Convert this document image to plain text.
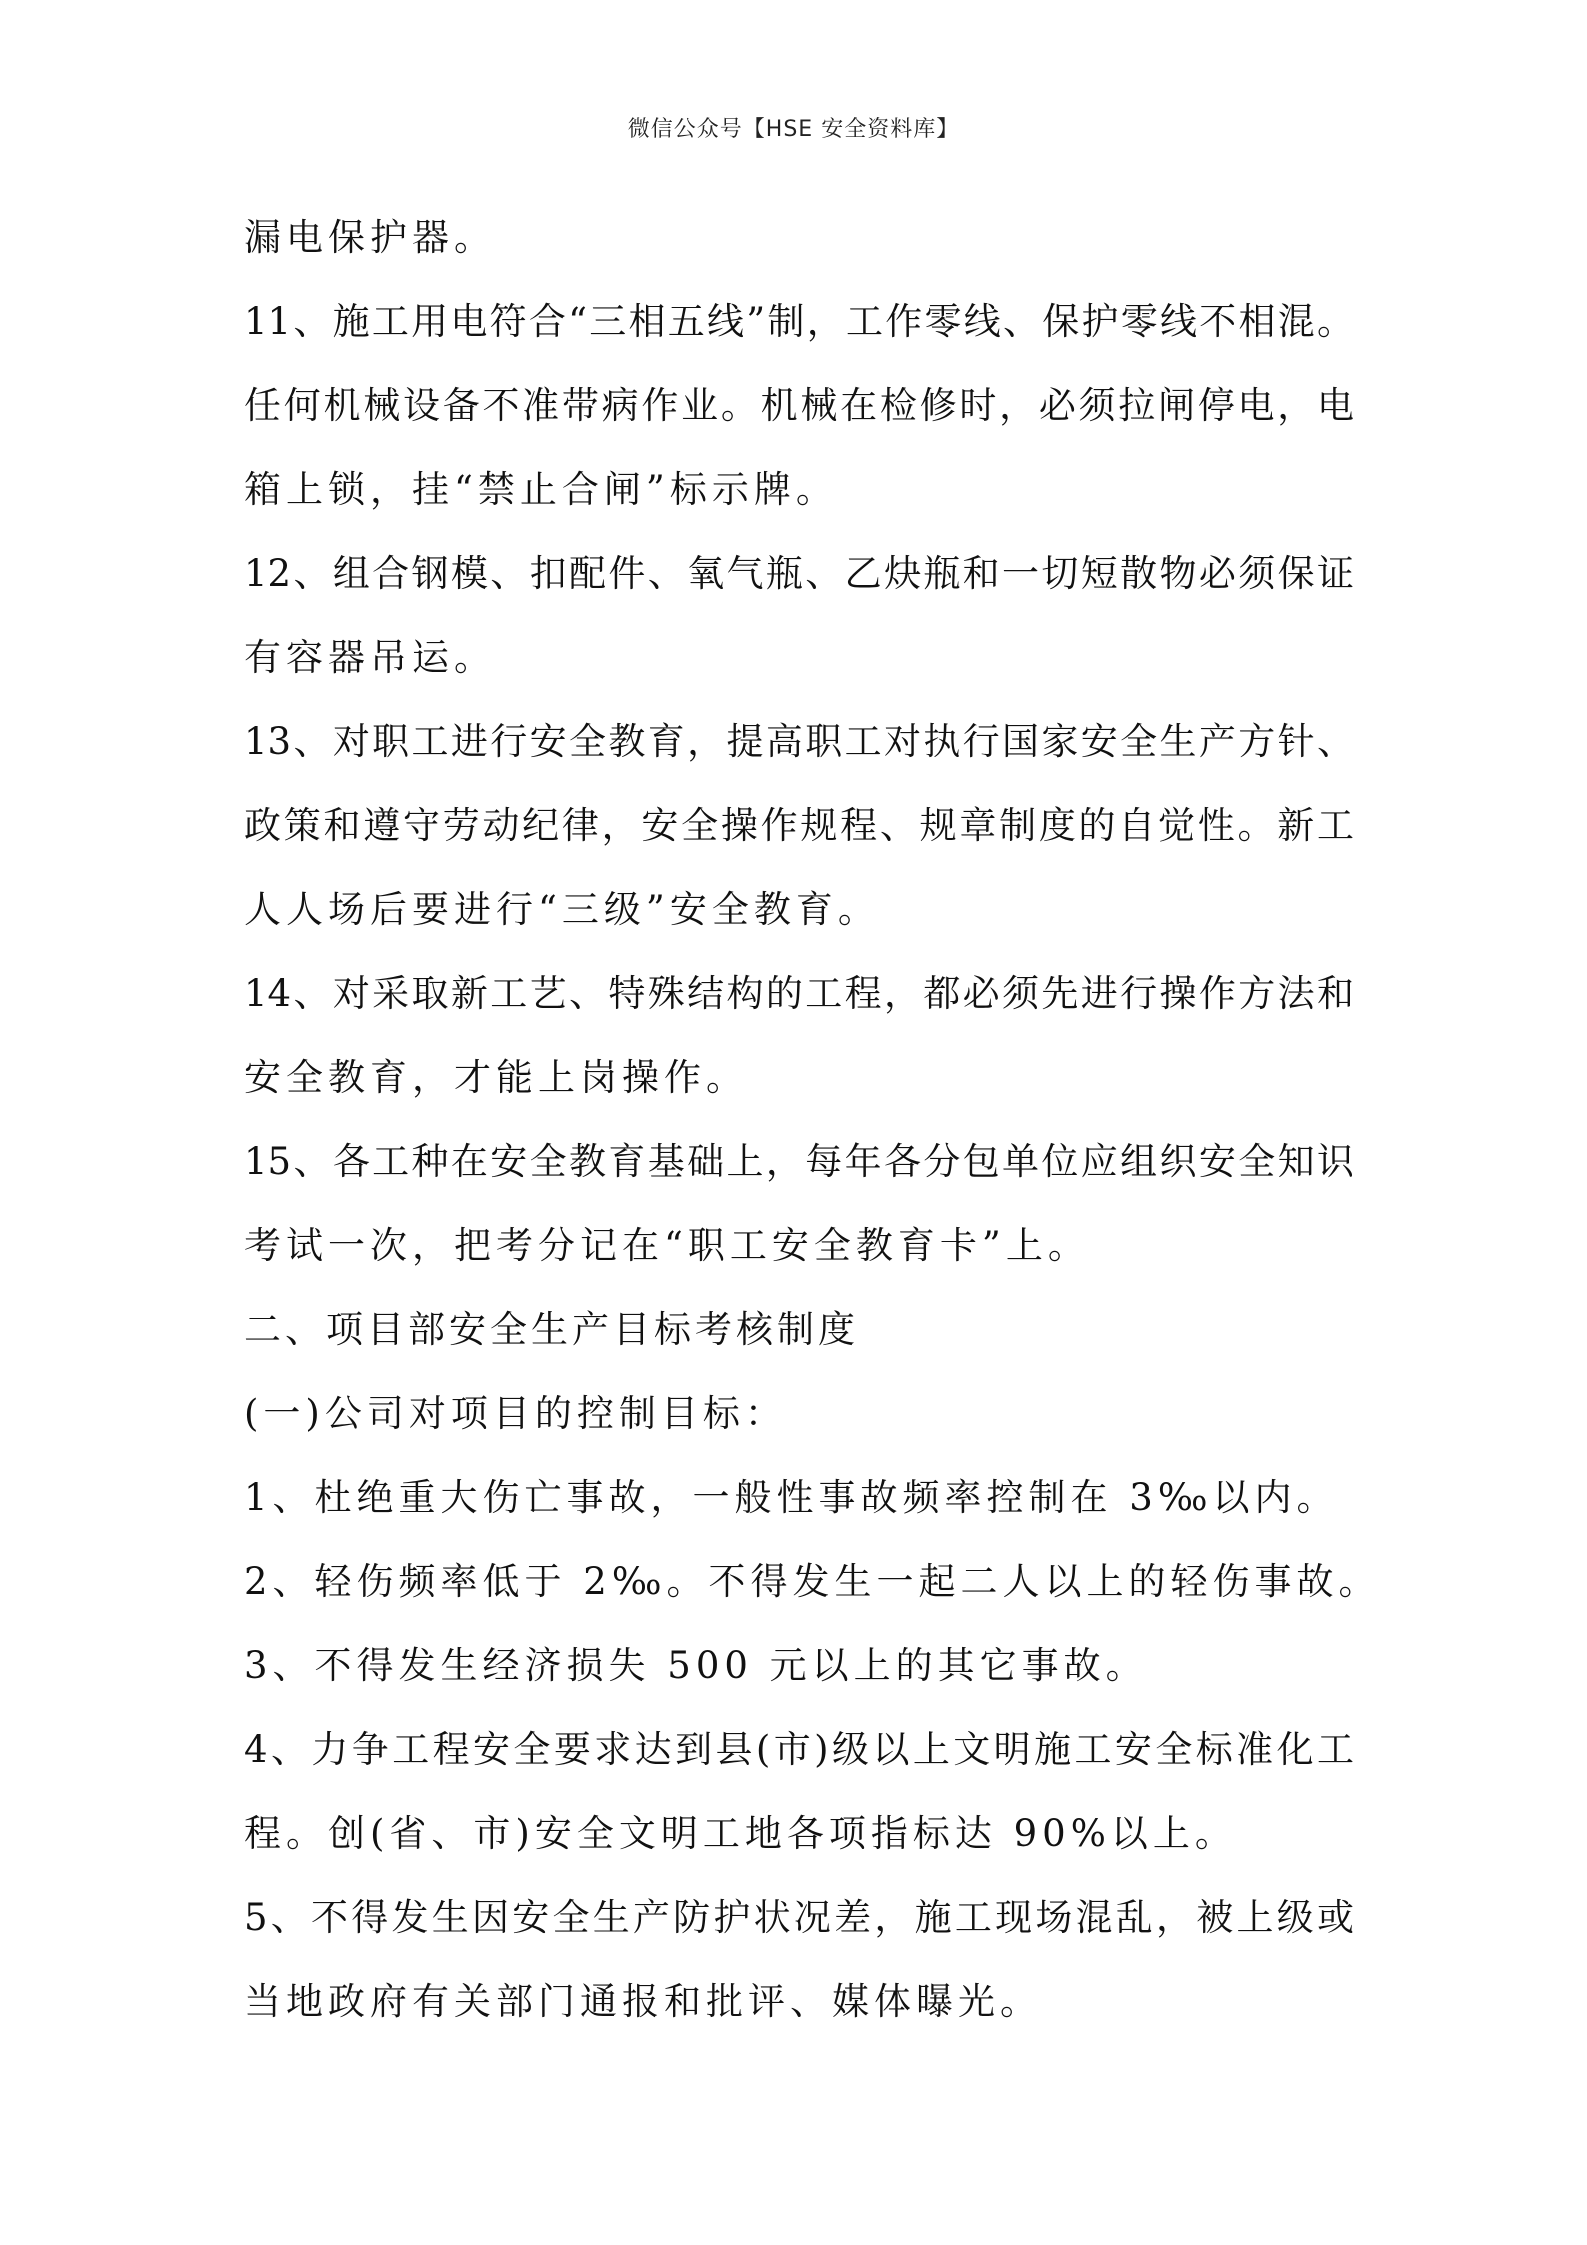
微信公众号【HSE 安全资料库】
漏电保护器。
11、施工用电符合“三相五线”制，工作零线、保护零线不相混。
任何机械设备不准带病作业。机械在检修时，必须拉闸停电，电
箱上锁，挂“禁止合闸”标示牌。
12、组合钢模、扣配件、氧气瓶、乙炔瓶和一切短散物必须保证
有容器吊运。
13、对职工进行安全教育，提高职工对执行国家安全生产方针、
政策和遵守劳动纪律，安全操作规程、规章制度的自觉性。新工
人人场后要进行“三级”安全教育。
14、对采取新工艺、特殊结构的工程，都必须先进行操作方法和
安全教育，才能上岗操作。
15、各工种在安全教育基础上，每年各分包单位应组织安全知识
考试一次，把考分记在“职工安全教育卡”上。
二、项目部安全生产目标考核制度
(一)公司对项目的控制目标：
1、杜绝重大伤亡事故，一般性事故频率控制在 3‰以内。
2、轻伤频率低于 2‰。不得发生一起二人以上的轻伤事故。
3、不得发生经济损失 500 元以上的其它事故。
4、力争工程安全要求达到县(市)级以上文明施工安全标准化工
程。创(省、市)安全文明工地各项指标达 90%以上。
5、不得发生因安全生产防护状况差，施工现场混乱，被上级或
当地政府有关部门通报和批评、媒体曝光。
